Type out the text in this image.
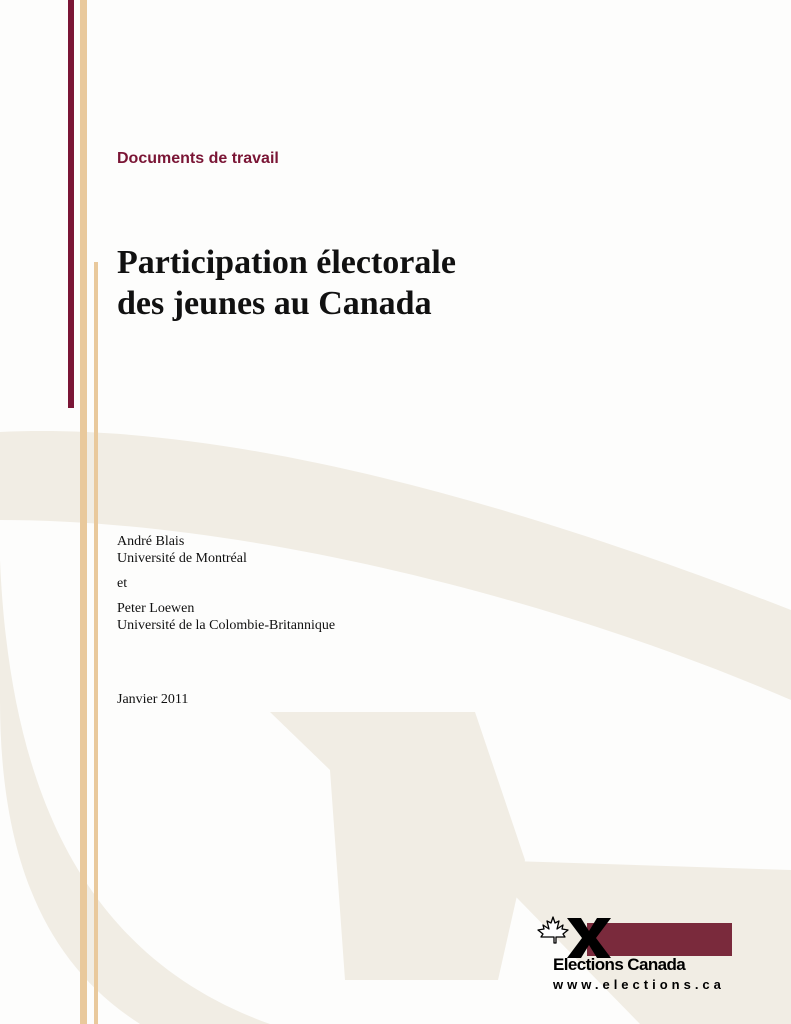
Documents de travail

Participation électorale
des jeunes au Canada

André Blais

Université de Montréal

et

Peter Loewen

Université de la Colombie-Britannique

Janvier 2011

Elections Canada
www.elections.ca
